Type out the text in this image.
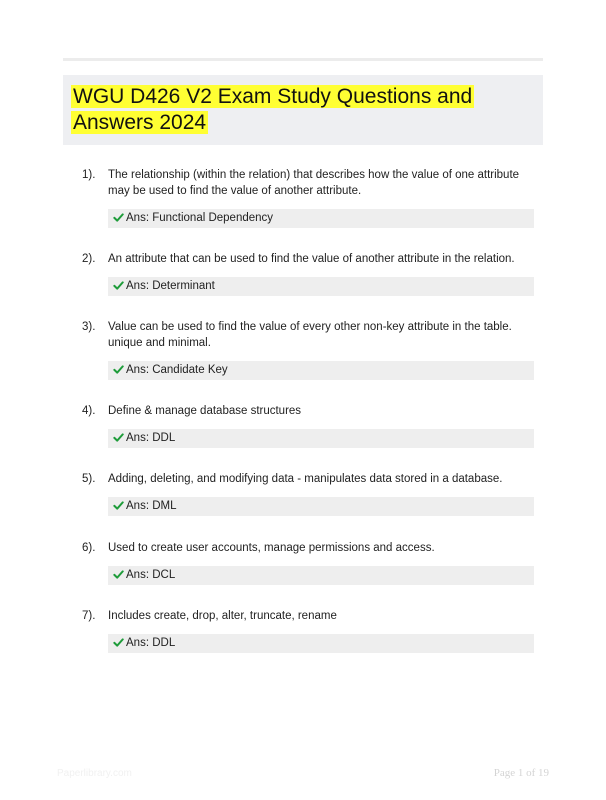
WGU D426 V2 Exam Study Questions and Answers 2024
1). The relationship (within the relation) that describes how the value of one attribute may be used to find the value of another attribute.
Ans: Functional Dependency
2). An attribute that can be used to find the value of another attribute in the relation.
Ans: Determinant
3). Value can be used to find the value of every other non-key attribute in the table. unique and minimal.
Ans: Candidate Key
4). Define & manage database structures
Ans: DDL
5). Adding, deleting, and modifying data - manipulates data stored in a database.
Ans: DML
6). Used to create user accounts, manage permissions and access.
Ans: DCL
7). Includes create, drop, alter, truncate, rename
Ans: DDL
Paperlibrary.com	Page 1 of 19
